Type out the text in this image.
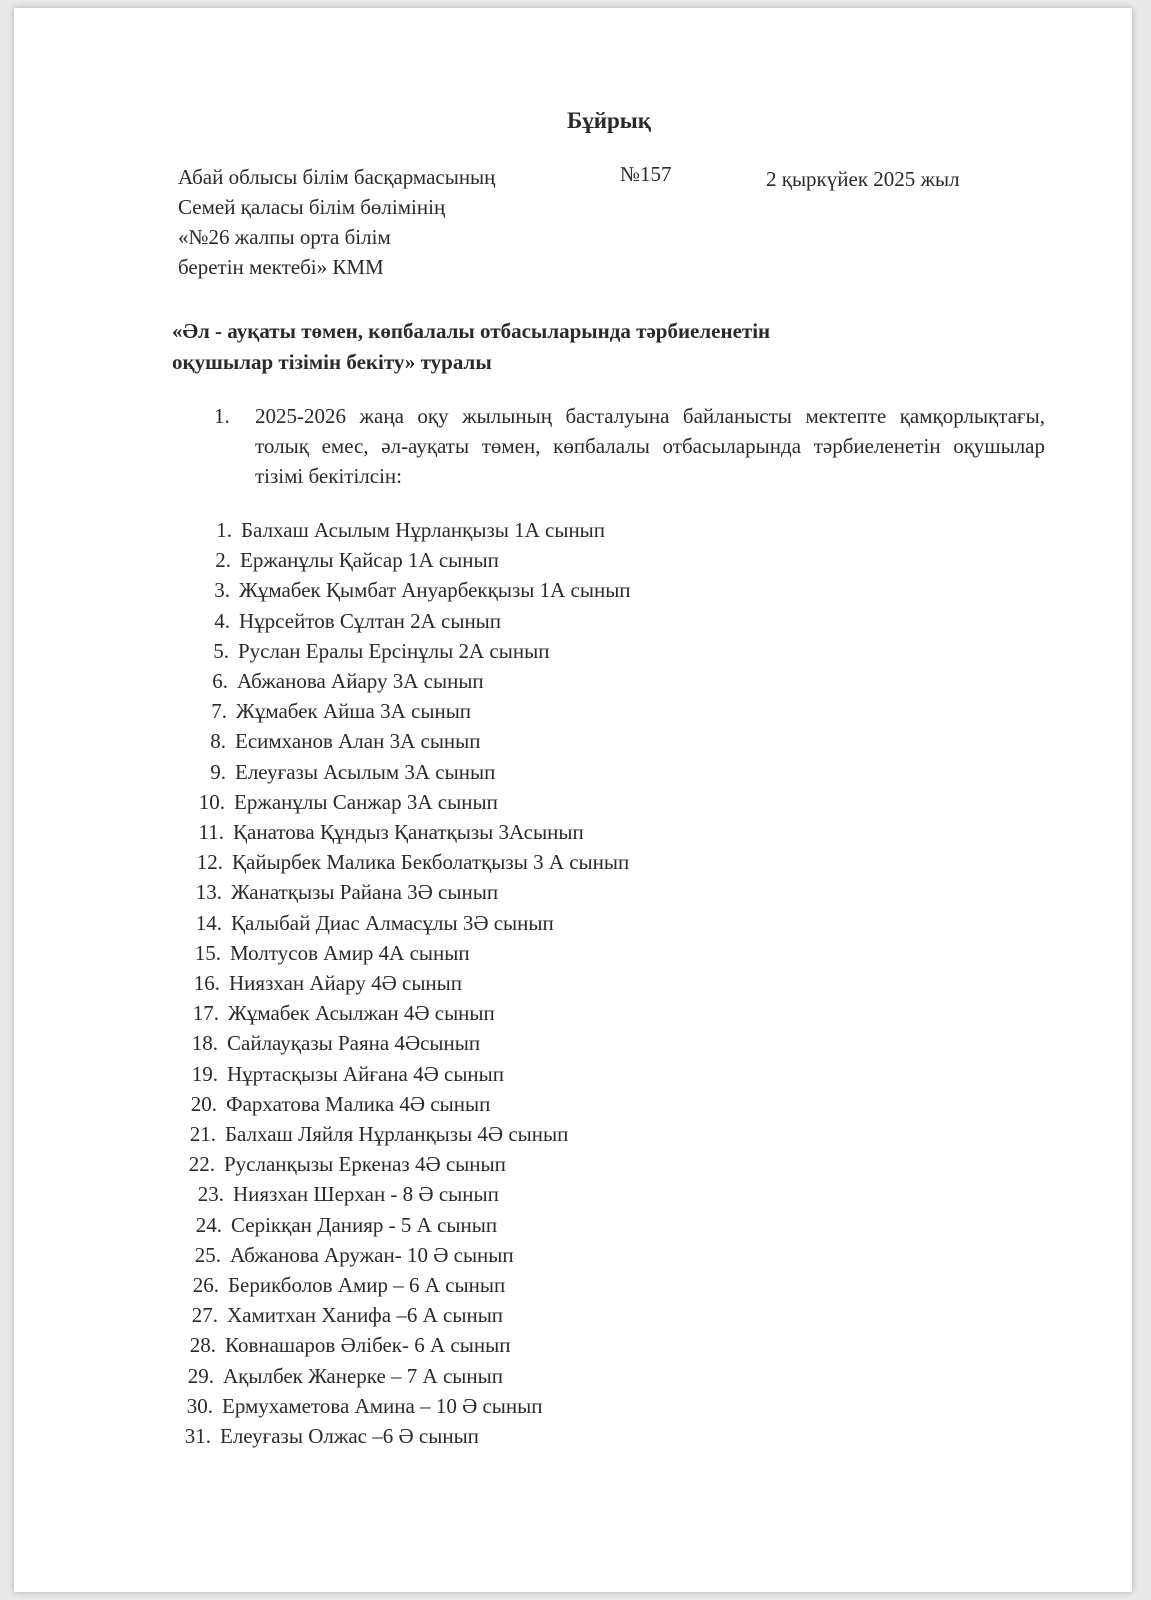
Бұйрық
Абай облысы білім басқармасының
Семей қаласы білім бөлімінің
«№26 жалпы орта білім
беретін мектебі» КММ
№157	2 қыркүйек 2025 жыл
«Әл - ауқаты төмен, көпбалалы отбасыларында тәрбиеленетін
оқушылар тізімін бекіту» туралы
1. 2025-2026 жаңа оқу жылының басталуына байланысты мектепте қамқорлықтағы, толық емес, әл-ауқаты төмен, көпбалалы отбасыларында тәрбиеленетін оқушылар тізімі бекітілсін:
1. Балхаш Асылым Нұрланқызы 1А сынып
2. Ержанұлы Қайсар 1А сынып
3. Жұмабек Қымбат Ануарбекқызы 1А сынып
4. Нұрсейтов Сұлтан 2А сынып
5. Руслан Ералы Ерсінұлы 2А сынып
6. Абжанова Айару 3А сынып
7. Жұмабек Айша 3А сынып
8. Есимханов Алан 3А сынып
9. Елеуғазы Асылым 3А сынып
10. Ержанұлы Санжар 3А сынып
11. Қанатова Құндыз Қанатқызы 3Асынып
12. Қайырбек Малика Бекболатқызы 3 А сынып
13. Жанатқызы Райана 3Ә сынып
14. Қалыбай Диас Алмасұлы 3Ә сынып
15. Молтусов Амир 4А сынып
16. Ниязхан Айару 4Ә сынып
17. Жұмабек Асылжан 4Ә сынып
18. Сайлауқазы Раяна 4Әсынып
19. Нұртасқызы Айғана 4Ә сынып
20. Фархатова Малика 4Ә сынып
21. Балхаш Ляйля Нұрланқызы 4Ә сынып
22. Русланқызы Еркеназ 4Ә сынып
23. Ниязхан Шерхан - 8 Ә сынып
24. Серікқан Данияр - 5 А сынып
25. Абжанова Аружан- 10 Ә сынып
26. Берикболов Амир – 6 А сынып
27. Хамитхан Ханифа –6 А сынып
28. Ковнашаров Әлібек- 6 А сынып
29. Ақылбек Жанерке – 7 А сынып
30. Ермухаметова Амина – 10 Ә сынып
31. Елеуғазы Олжас –6 Ә сынып
